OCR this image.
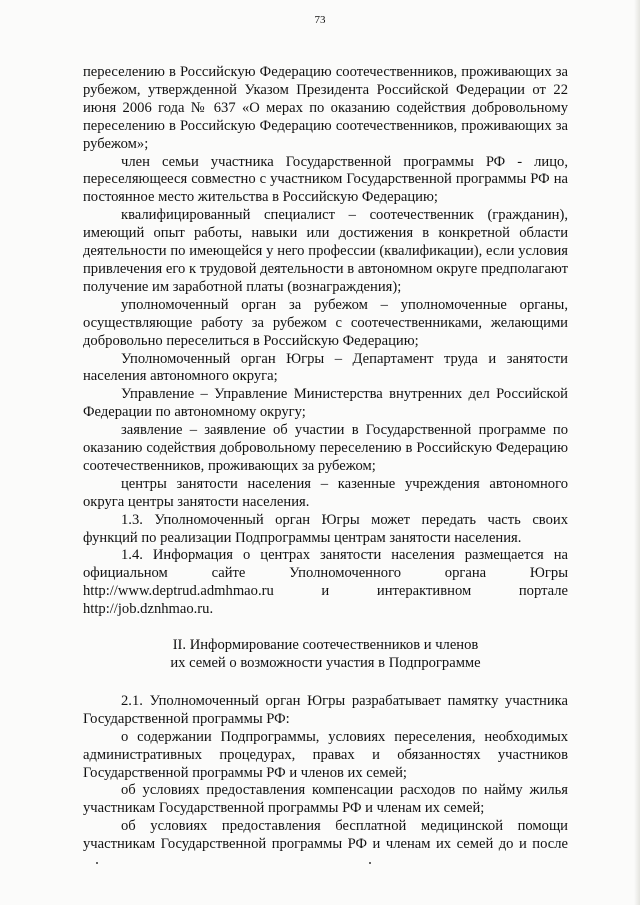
73

переселению в Российскую Федерацию соотечественников, проживающих за рубежом, утвержденной Указом Президента Российской Федерации от 22 июня 2006 года № 637 «О мерах по оказанию содействия добровольному переселению в Российскую Федерацию соотечественников, проживающих за рубежом»;

член семьи участника Государственной программы РФ - лицо, переселяющееся совместно с участником Государственной программы РФ на постоянное место жительства в Российскую Федерацию;

квалифицированный специалист – соотечественник (гражданин), имеющий опыт работы, навыки или достижения в конкретной области деятельности по имеющейся у него профессии (квалификации), если условия привлечения его к трудовой деятельности в автономном округе предполагают получение им заработной платы (вознаграждения);

уполномоченный орган за рубежом – уполномоченные органы, осуществляющие работу за рубежом с соотечественниками, желающими добровольно переселиться в Российскую Федерацию;

Уполномоченный орган Югры – Департамент труда и занятости населения автономного округа;

Управление – Управление Министерства внутренних дел Российской Федерации по автономному округу;

заявление – заявление об участии в Государственной программе по оказанию содействия добровольному переселению в Российскую Федерацию соотечественников, проживающих за рубежом;

центры занятости населения – казенные учреждения автономного округа центры занятости населения.

1.3. Уполномоченный орган Югры может передать часть своих функций по реализации Подпрограммы центрам занятости населения.

1.4. Информация о центрах занятости населения размещается на официальном сайте Уполномоченного органа Югры http://www.deptrud.admhmao.ru и интерактивном портале http://job.dznhmao.ru.

II. Информирование соотечественников и членов
их семей о возможности участия в Подпрограмме

2.1. Уполномоченный орган Югры разрабатывает памятку участника Государственной программы РФ:

о содержании Подпрограммы, условиях переселения, необходимых административных процедурах, правах и обязанностях участников Государственной программы РФ и членов их семей;

об условиях предоставления компенсации расходов по найму жилья участникам Государственной программы РФ и членам их семей;

об условиях предоставления бесплатной медицинской помощи участникам Государственной программы РФ и членам их семей до и после
